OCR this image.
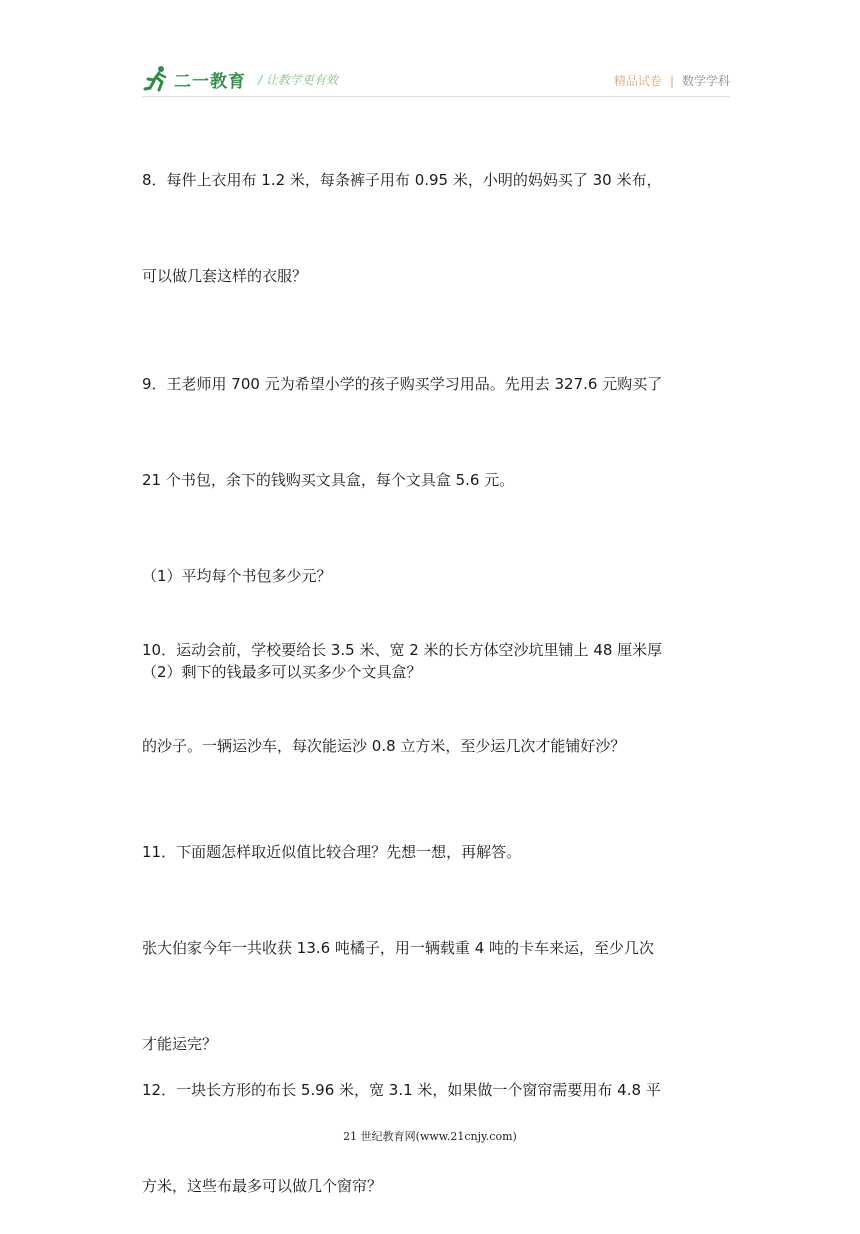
二一教育 / 让教学更有效	精品试卷 | 数学学科

8．每件上衣用布 1.2 米，每条裤子用布 0.95 米，小明的妈妈买了 30 米布，

可以做几套这样的衣服？

9．王老师用 700 元为希望小学的孩子购买学习用品。先用去 327.6 元购买了

21 个书包，余下的钱购买文具盒，每个文具盒 5.6 元。

（1）平均每个书包多少元？

（2）剩下的钱最多可以买多少个文具盒？

10．运动会前，学校要给长 3.5 米、宽 2 米的长方体空沙坑里铺上 48 厘米厚

的沙子。一辆运沙车，每次能运沙 0.8 立方米，至少运几次才能铺好沙？

11．下面题怎样取近似值比较合理？先想一想，再解答。

张大伯家今年一共收获 13.6 吨橘子，用一辆载重 4 吨的卡车来运，至少几次

才能运完？

12．一块长方形的布长 5.96 米，宽 3.1 米，如果做一个窗帘需要用布 4.8 平

方米，这些布最多可以做几个窗帘？

21 世纪教育网(www.21cnjy.com)
